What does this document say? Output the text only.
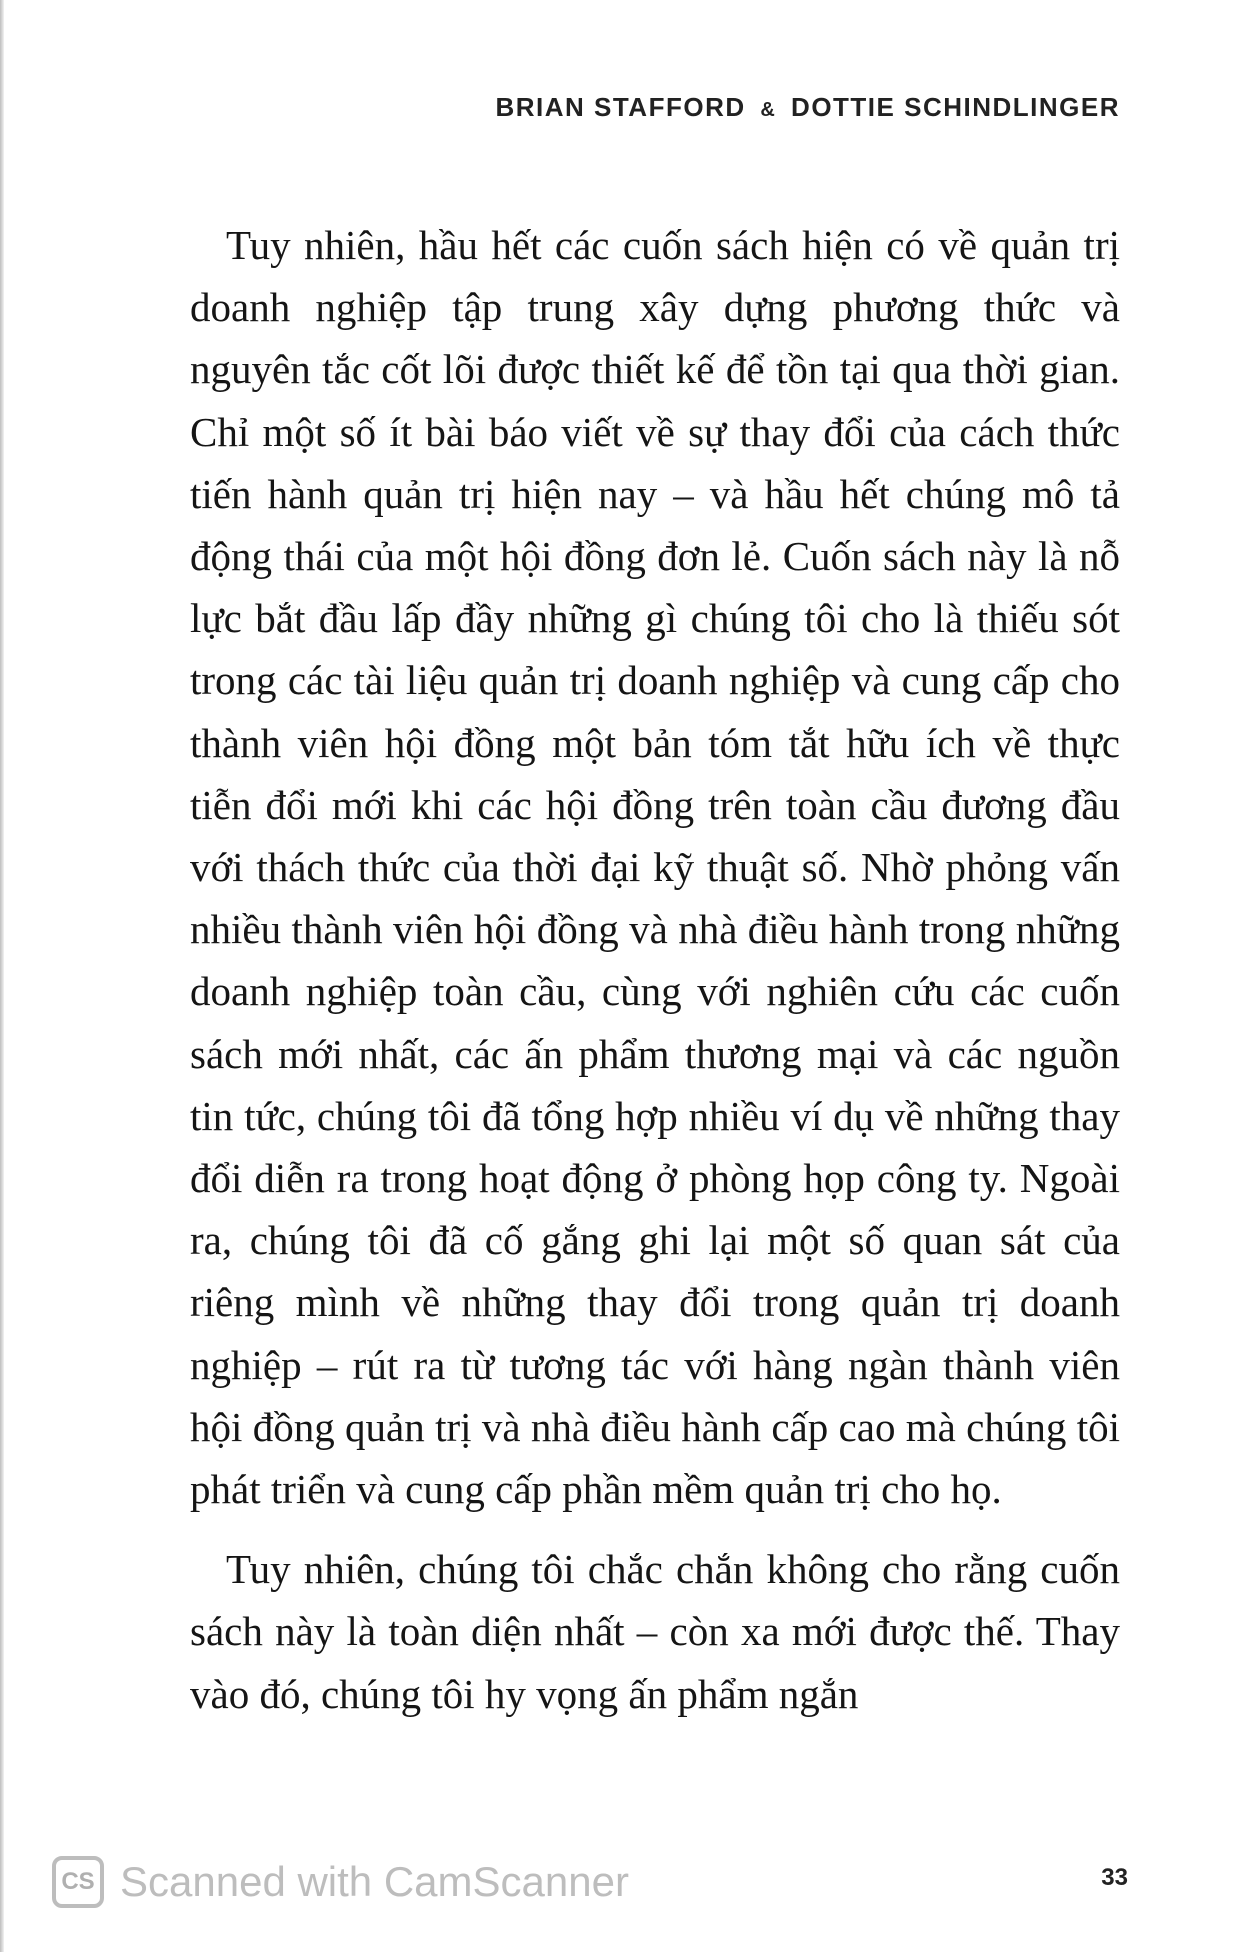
BRIAN STAFFORD & DOTTIE SCHINDLINGER

Tuy nhiên, hầu hết các cuốn sách hiện có về quản trị doanh nghiệp tập trung xây dựng phương thức và nguyên tắc cốt lõi được thiết kế để tồn tại qua thời gian. Chỉ một số ít bài báo viết về sự thay đổi của cách thức tiến hành quản trị hiện nay – và hầu hết chúng mô tả động thái của một hội đồng đơn lẻ. Cuốn sách này là nỗ lực bắt đầu lấp đầy những gì chúng tôi cho là thiếu sót trong các tài liệu quản trị doanh nghiệp và cung cấp cho thành viên hội đồng một bản tóm tắt hữu ích về thực tiễn đổi mới khi các hội đồng trên toàn cầu đương đầu với thách thức của thời đại kỹ thuật số. Nhờ phỏng vấn nhiều thành viên hội đồng và nhà điều hành trong những doanh nghiệp toàn cầu, cùng với nghiên cứu các cuốn sách mới nhất, các ấn phẩm thương mại và các nguồn tin tức, chúng tôi đã tổng hợp nhiều ví dụ về những thay đổi diễn ra trong hoạt động ở phòng họp công ty. Ngoài ra, chúng tôi đã cố gắng ghi lại một số quan sát của riêng mình về những thay đổi trong quản trị doanh nghiệp – rút ra từ tương tác với hàng ngàn thành viên hội đồng quản trị và nhà điều hành cấp cao mà chúng tôi phát triển và cung cấp phần mềm quản trị cho họ.

Tuy nhiên, chúng tôi chắc chắn không cho rằng cuốn sách này là toàn diện nhất – còn xa mới được thế. Thay vào đó, chúng tôi hy vọng ấn phẩm ngắn

CS Scanned with CamScanner	33
